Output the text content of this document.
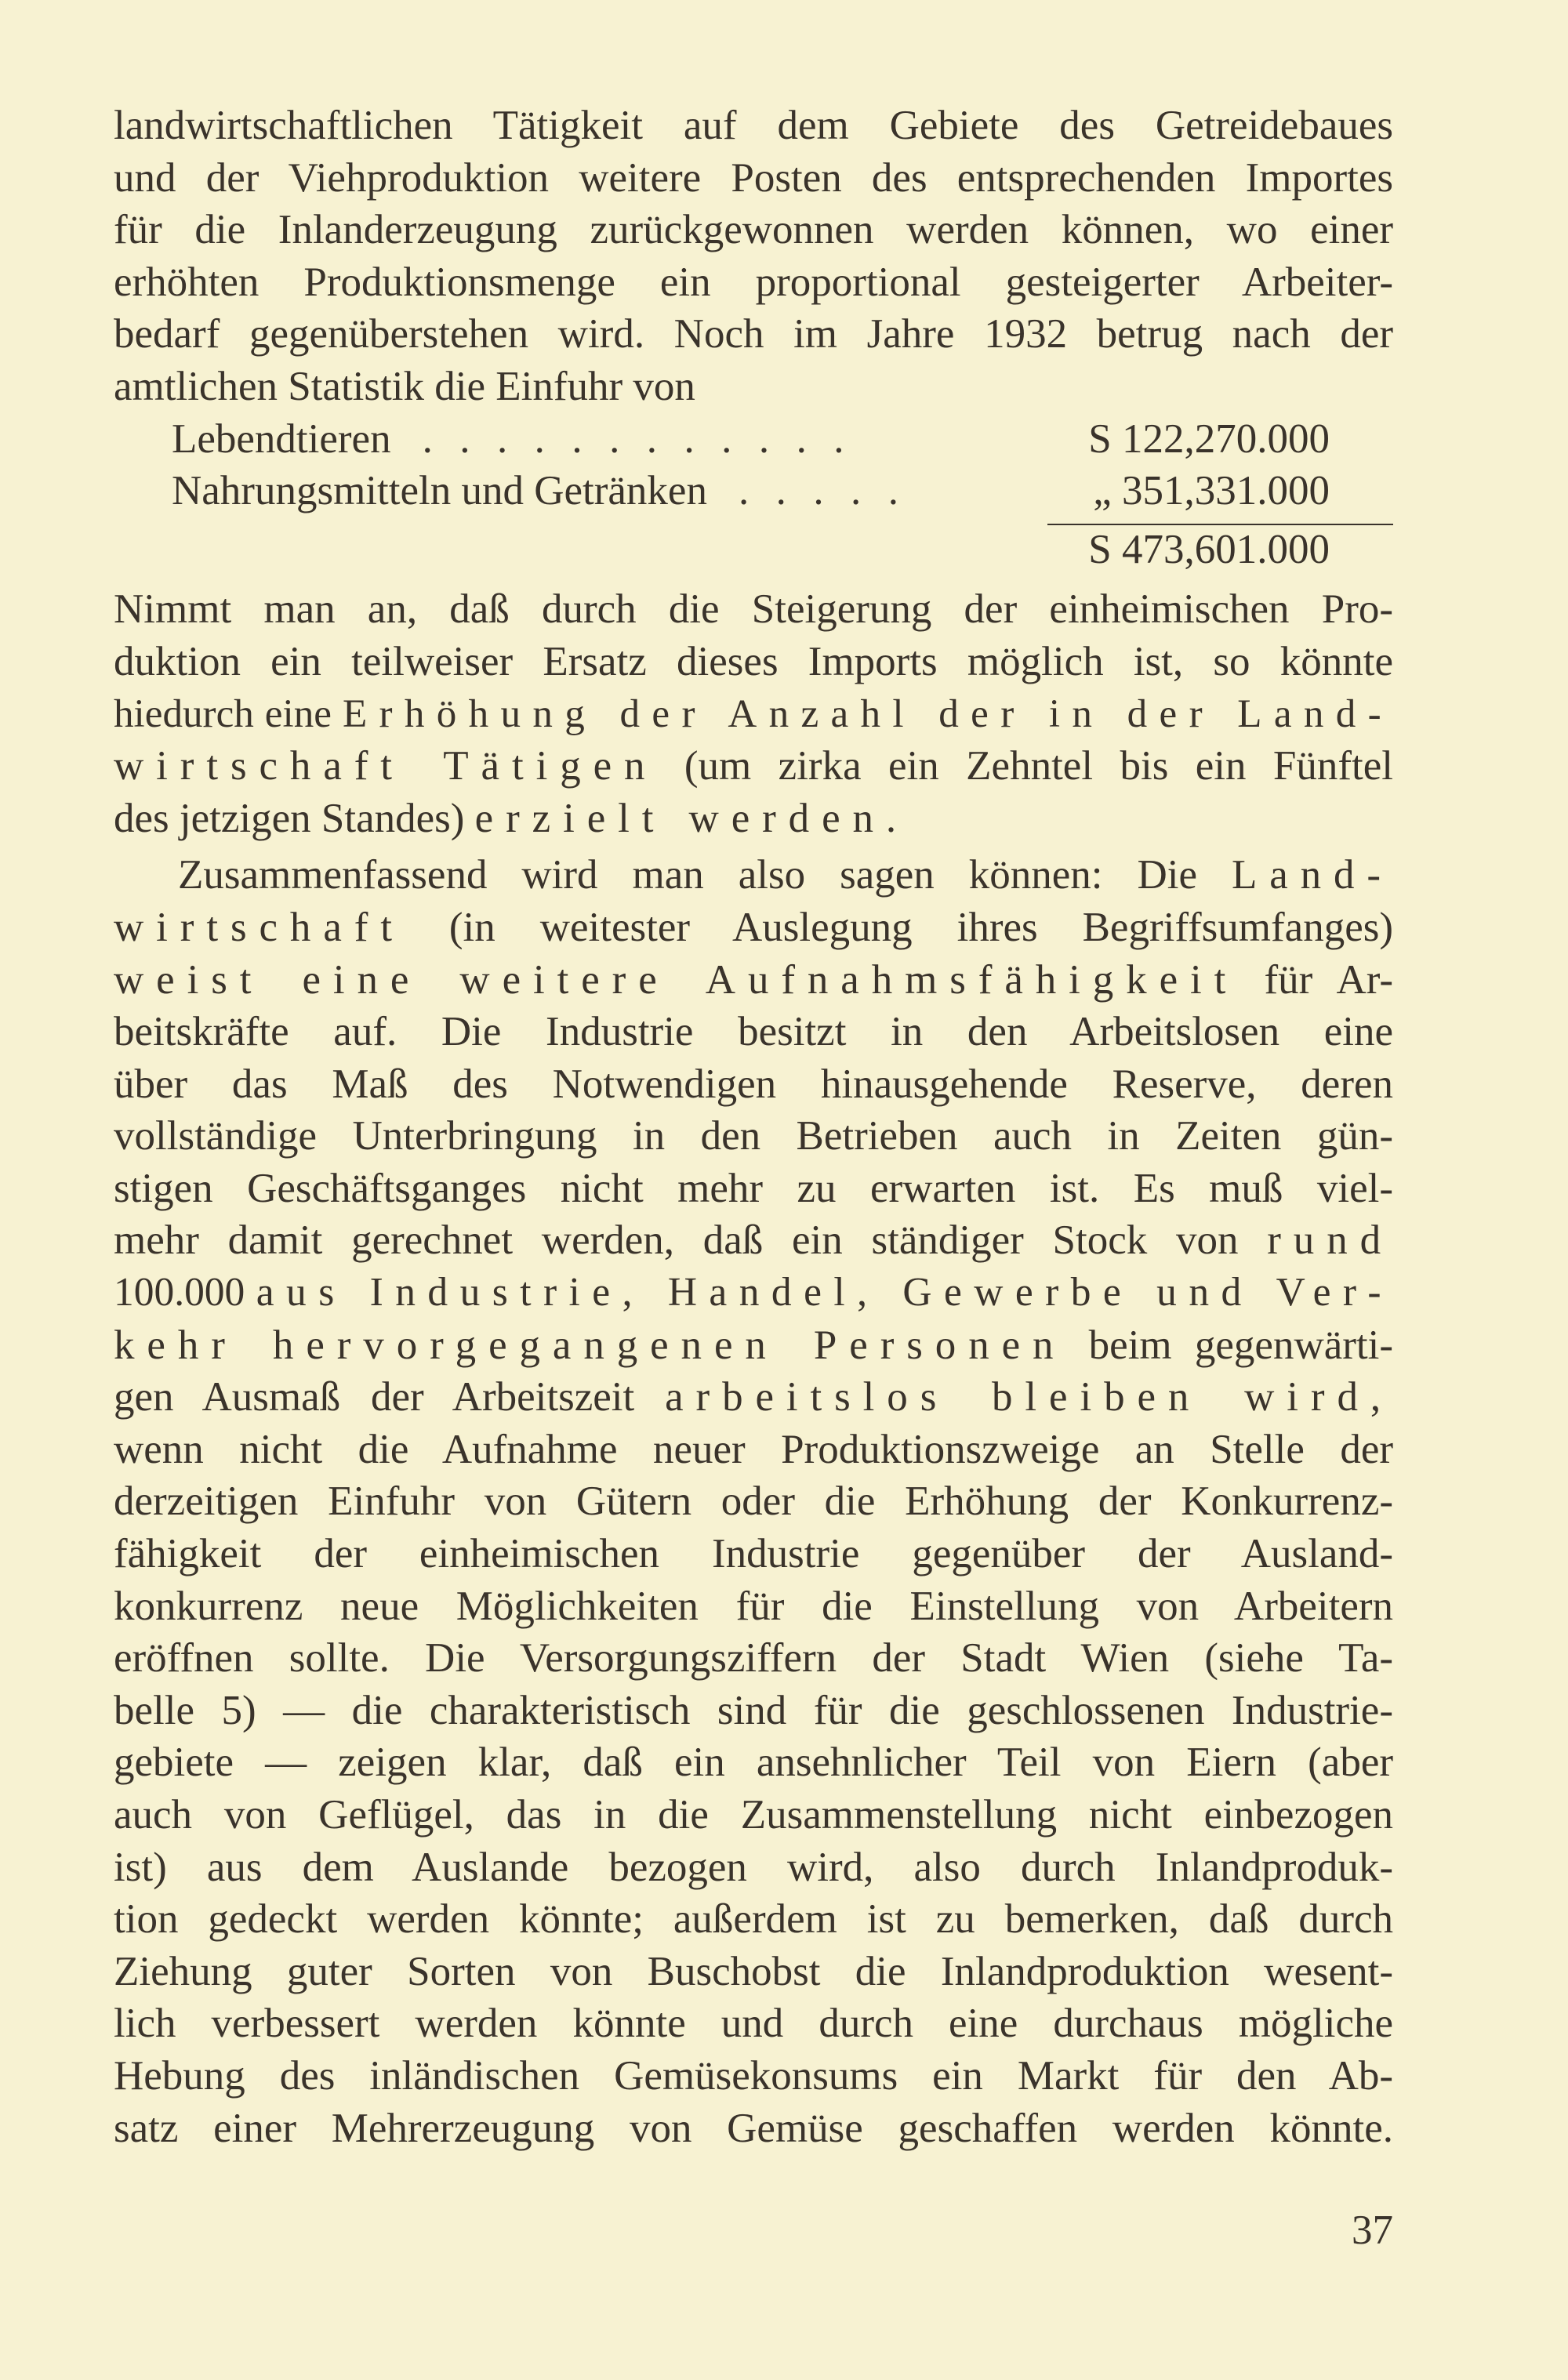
landwirtschaftlichen Tätigkeit auf dem Gebiete des Getreidebaues
und der Viehproduktion weitere Posten des entsprechenden Importes
für die Inlanderzeugung zurückgewonnen werden können, wo einer
erhöhten Produktionsmenge ein proportional gesteigerter Arbeiter-
bedarf gegenüberstehen wird. Noch im Jahre 1932 betrug nach der
amtlichen Statistik die Einfuhr von
Lebendtieren . . . . . . . . . . . .	S 122,270.000
Nahrungsmitteln und Getränken . . . . .	„ 351,331.000
S 473,601.000
Nimmt man an, daß durch die Steigerung der einheimischen Pro-
duktion ein teilweiser Ersatz dieses Imports möglich ist, so könnte
hiedurch eine Erhöhung der Anzahl der in der Land-
wirtschaft Tätigen (um zirka ein Zehntel bis ein Fünftel
des jetzigen Standes) erzielt werden.
Zusammenfassend wird man also sagen können: Die Land-
wirtschaft (in weitester Auslegung ihres Begriffsumfanges)
weist eine weitere Aufnahmsfähigkeit für Ar-
beitskräfte auf. Die Industrie besitzt in den Arbeitslosen eine
über das Maß des Notwendigen hinausgehende Reserve, deren
vollständige Unterbringung in den Betrieben auch in Zeiten gün-
stigen Geschäftsganges nicht mehr zu erwarten ist. Es muß viel-
mehr damit gerechnet werden, daß ein ständiger Stock von rund
100.000 aus Industrie, Handel, Gewerbe und Ver-
kehr hervorgegangenen Personen beim gegenwärti-
gen Ausmaß der Arbeitszeit arbeitslos bleiben wird,
wenn nicht die Aufnahme neuer Produktionszweige an Stelle der
derzeitigen Einfuhr von Gütern oder die Erhöhung der Konkurrenz-
fähigkeit der einheimischen Industrie gegenüber der Ausland-
konkurrenz neue Möglichkeiten für die Einstellung von Arbeitern
eröffnen sollte. Die Versorgungsziffern der Stadt Wien (siehe Ta-
belle 5) — die charakteristisch sind für die geschlossenen Industrie-
gebiete — zeigen klar, daß ein ansehnlicher Teil von Eiern (aber
auch von Geflügel, das in die Zusammenstellung nicht einbezogen
ist) aus dem Auslande bezogen wird, also durch Inlandproduk-
tion gedeckt werden könnte; außerdem ist zu bemerken, daß durch
Ziehung guter Sorten von Buschobst die Inlandproduktion wesent-
lich verbessert werden könnte und durch eine durchaus mögliche
Hebung des inländischen Gemüsekonsums ein Markt für den Ab-
satz einer Mehrerzeugung von Gemüse geschaffen werden könnte.
37
